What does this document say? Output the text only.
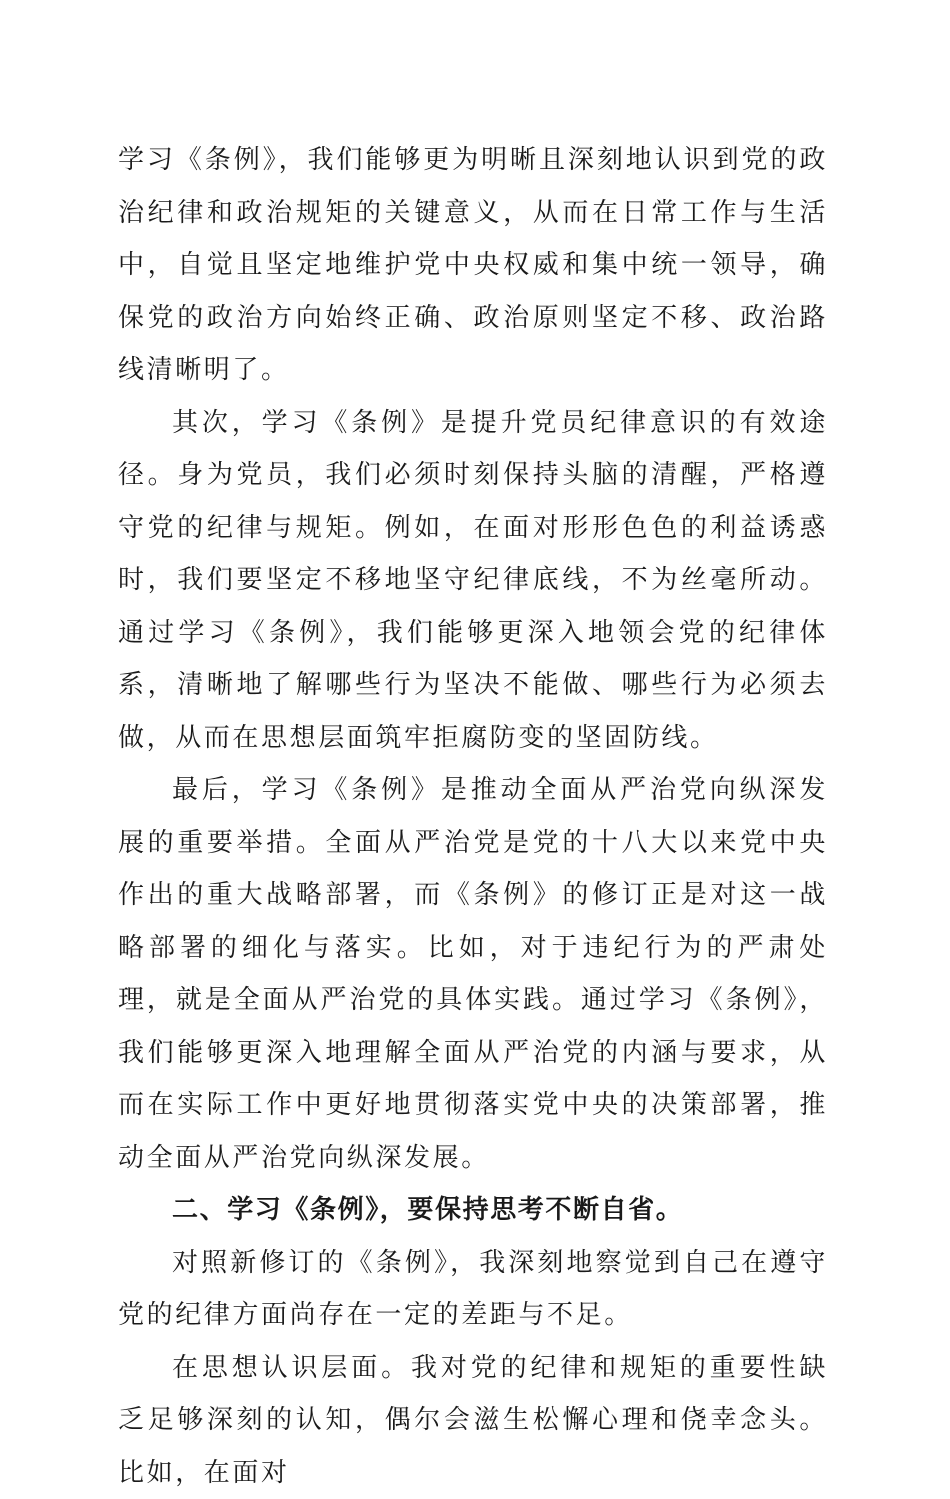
学习《条例》，我们能够更为明晰且深刻地认识到党的政治纪律和政治规矩的关键意义，从而在日常工作与生活中，自觉且坚定地维护党中央权威和集中统一领导，确保党的政治方向始终正确、政治原则坚定不移、政治路线清晰明了。

其次，学习《条例》是提升党员纪律意识的有效途径。身为党员，我们必须时刻保持头脑的清醒，严格遵守党的纪律与规矩。例如，在面对形形色色的利益诱惑时，我们要坚定不移地坚守纪律底线，不为丝毫所动。通过学习《条例》，我们能够更深入地领会党的纪律体系，清晰地了解哪些行为坚决不能做、哪些行为必须去做，从而在思想层面筑牢拒腐防变的坚固防线。

最后，学习《条例》是推动全面从严治党向纵深发展的重要举措。全面从严治党是党的十八大以来党中央作出的重大战略部署，而《条例》的修订正是对这一战略部署的细化与落实。比如，对于违纪行为的严肃处理，就是全面从严治党的具体实践。通过学习《条例》，我们能够更深入地理解全面从严治党的内涵与要求，从而在实际工作中更好地贯彻落实党中央的决策部署，推动全面从严治党向纵深发展。

二、学习《条例》，要保持思考不断自省。

对照新修订的《条例》，我深刻地察觉到自己在遵守党的纪律方面尚存在一定的差距与不足。

在思想认识层面。我对党的纪律和规矩的重要性缺乏足够深刻的认知，偶尔会滋生松懈心理和侥幸念头。比如，在面对
